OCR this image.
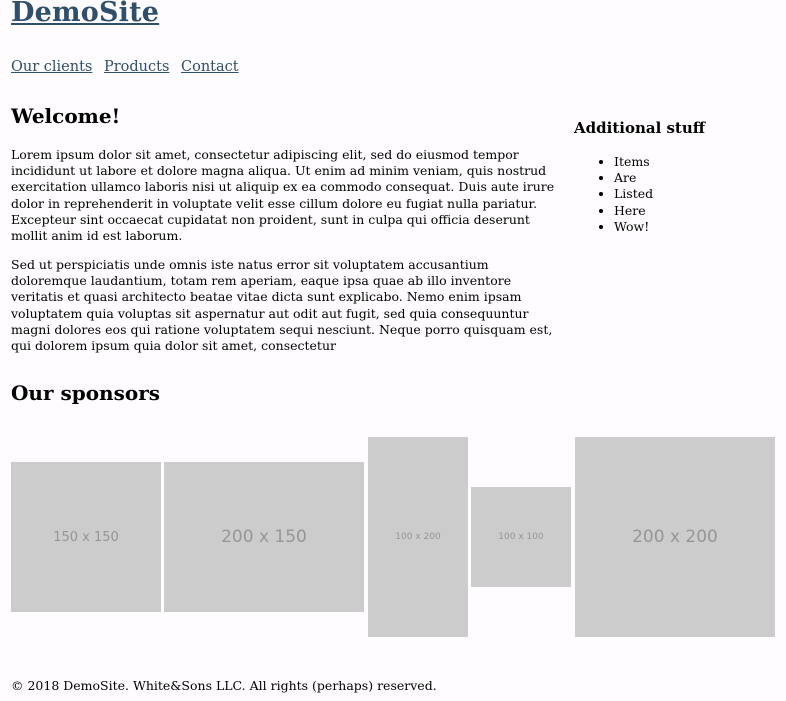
DemoSite
Our clients Products Contact
Welcome!

Lorem ipsum dolor sit amet, consectetur adipiscing elit, sed do eiusmod tempor incididunt ut labore et dolore magna aliqua. Ut enim ad minim veniam, quis nostrud exercitation ullamco laboris nisi ut aliquip ex ea commodo consequat. Duis aute irure dolor in reprehenderit in voluptate velit esse cillum dolore eu fugiat nulla pariatur. Excepteur sint occaecat cupidatat non proident, sunt in culpa qui officia deserunt mollit anim id est laborum.

Sed ut perspiciatis unde omnis iste natus error sit voluptatem accusantium doloremque laudantium, totam rem aperiam, eaque ipsa quae ab illo inventore veritatis et quasi architecto beatae vitae dicta sunt explicabo. Nemo enim ipsam voluptatem quia voluptas sit aspernatur aut odit aut fugit, sed quia consequuntur magni dolores eos qui ratione voluptatem sequi nesciunt. Neque porro quisquam est, qui dolorem ipsum quia dolor sit amet, consectetur

Additional stuff
• Items
• Are
• Listed
• Here
• Wow!
Our sponsors
150 x 150	200 x 150	100 x 200	100 x 100	200 x 200

© 2018 DemoSite. White&Sons LLC. All rights (perhaps) reserved.
